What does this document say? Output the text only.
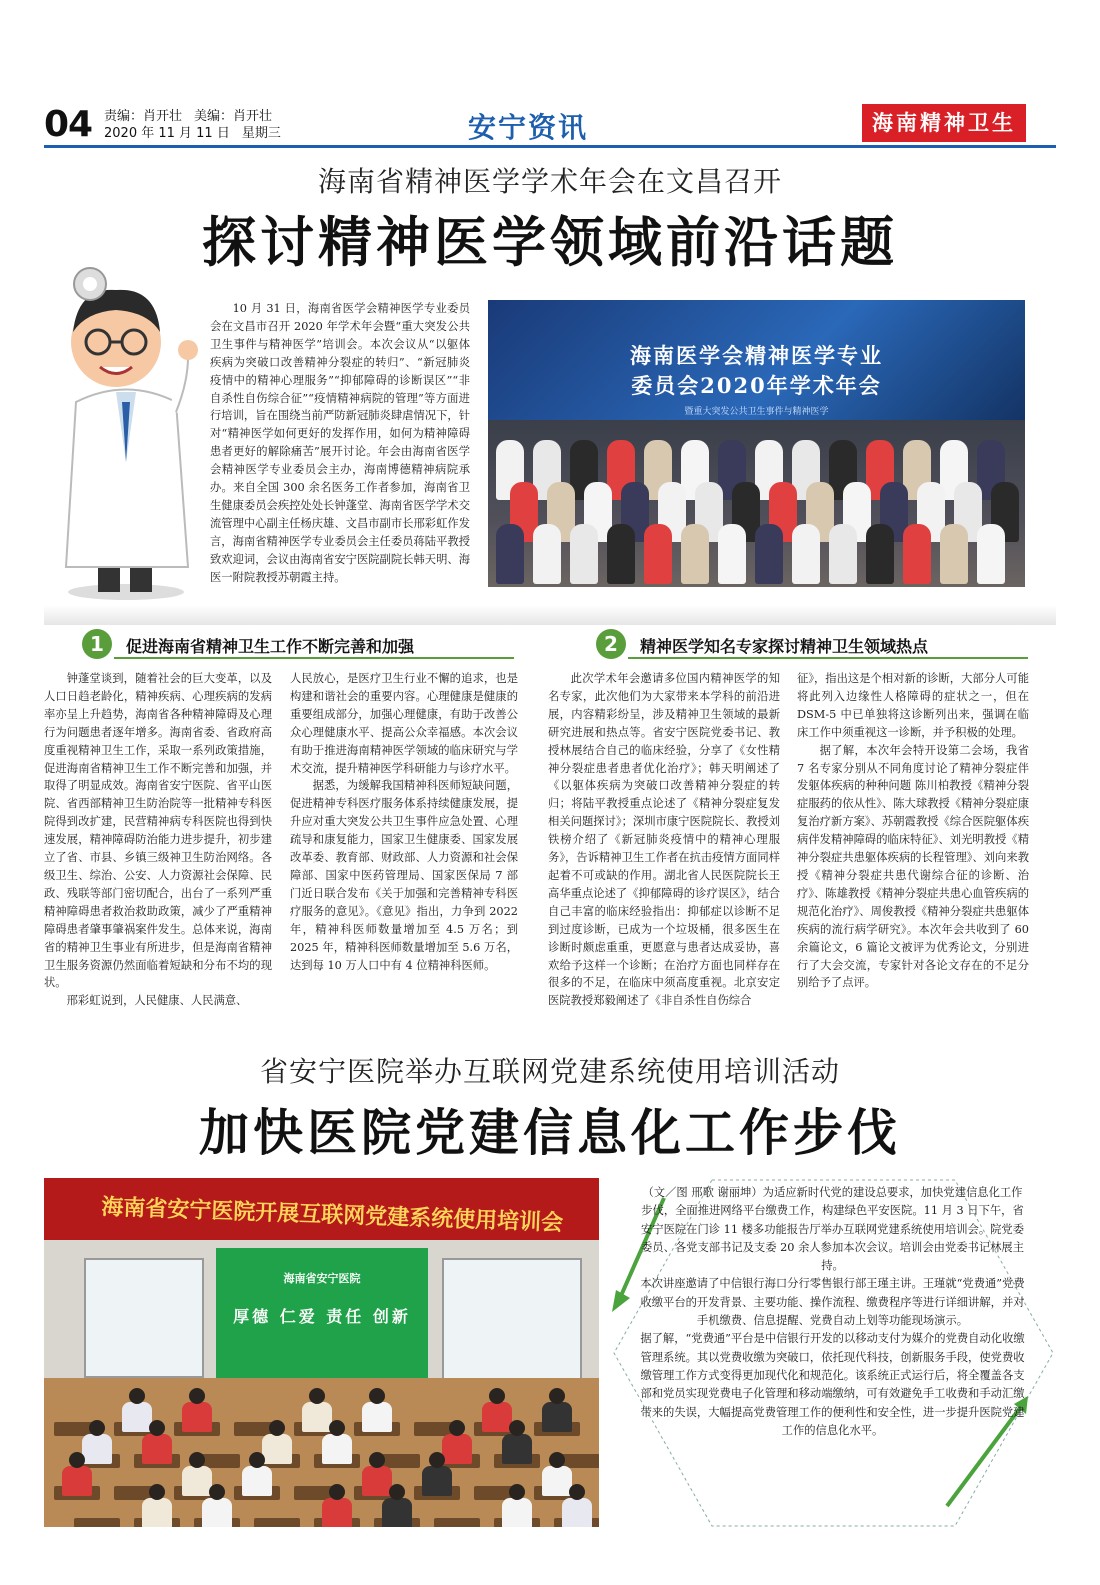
04 责编：肖开壮 美编：肖开壮
2020 年 11 月 11 日 星期三	安宁资讯	海南精神卫生
海南省精神医学学术年会在文昌召开
探讨精神医学领域前沿话题

10 月 31 日，海南省医学会精神医学专业委员会在文昌市召开 2020 年学术年会暨“重大突发公共卫生事件与精神医学”培训会。本次会议从“以躯体疾病为突破口改善精神分裂症的转归”、“新冠肺炎疫情中的精神心理服务”“抑郁障碍的诊断误区”“非自杀性自伤综合征”“疫情精神病院的管理”等方面进行培训，旨在围绕当前严防新冠肺炎肆虐情况下，针对“精神医学如何更好的发挥作用，如何为精神障碍患者更好的解除痛苦”展开讨论。年会由海南省医学会精神医学专业委员会主办，海南博德精神病院承办。来自全国 300 余名医务工作者参加，海南省卫生健康委员会疾控处处长钟蓬堂、海南省医学学术交流管理中心副主任杨庆雄、文昌市副市长邢彩虹作发言，海南省精神医学专业委员会主任委员蒋陆平教授致欢迎词，会议由海南省安宁医院副院长韩天明、海医一附院教授苏朝霞主持。

海南医学会精神医学专业
委员会2020年学术年会
暨重大突发公共卫生事件与精神医学
1	促进海南省精神卫生工作不断完善和加强	2	精神医学知名专家探讨精神卫生领域热点

钟蓬堂谈到，随着社会的巨大变革，以及人口日趋老龄化，精神疾病、心理疾病的发病率亦呈上升趋势，海南省各种精神障碍及心理行为问题患者逐年增多。海南省委、省政府高度重视精神卫生工作，采取一系列政策措施，促进海南省精神卫生工作不断完善和加强，并取得了明显成效。海南省安宁医院、省平山医院、省西部精神卫生防治院等一批精神专科医院得到改扩建，民营精神病专科医院也得到快速发展，精神障碍防治能力进步提升，初步建立了省、市县、乡镇三级神卫生防治网络。各级卫生、综治、公安、人力资源社会保障、民政、残联等部门密切配合，出台了一系列严重精神障碍患者救治救助政策，减少了严重精神障碍患者肇事肇祸案件发生。总体来说，海南省的精神卫生事业有所进步，但是海南省精神卫生服务资源仍然面临着短缺和分布不均的现状。

邢彩虹说到，人民健康、人民满意、

人民放心，是医疗卫生行业不懈的追求，也是构建和谐社会的重要内容。心理健康是健康的重要组成部分，加强心理健康，有助于改善公众心理健康水平、提高公众幸福感。本次会议有助于推进海南精神医学领域的临床研究与学术交流，提升精神医学科研能力与诊疗水平。

据悉，为缓解我国精神科医师短缺问题，促进精神专科医疗服务体系持续健康发展，提升应对重大突发公共卫生事件应急处置、心理疏导和康复能力，国家卫生健康委、国家发展改革委、教育部、财政部、人力资源和社会保障部、国家中医药管理局、国家医保局 7 部门近日联合发布《关于加强和完善精神专科医疗服务的意见》。《意见》指出，力争到 2022 年，精神科医师数量增加至 4.5 万名；到 2025 年，精神科医师数量增加至 5.6 万名，达到每 10 万人口中有 4 位精神科医师。

此次学术年会邀请多位国内精神医学的知名专家，此次他们为大家带来本学科的前沿进展，内容精彩纷呈，涉及精神卫生领域的最新研究进展和热点等。省安宁医院党委书记、教授林展结合自己的临床经验，分享了《女性精神分裂症患者患者优化治疗》；韩天明阐述了《以躯体疾病为突破口改善精神分裂症的转归；将陆平教授重点论述了《精神分裂症复发相关问题探讨》；深圳市康宁医院院长、教授刘铁榜介绍了《新冠肺炎疫情中的精神心理服务》，告诉精神卫生工作者在抗击疫情方面同样起着不可或缺的作用。湖北省人民医院院长王高华重点论述了《抑郁障碍的诊疗误区》，结合自己丰富的临床经验指出：抑郁症以诊断不足到过度诊断，已成为一个垃圾桶，很多医生在诊断时颇虑重重，更愿意与患者达成妥协，喜欢给予这样一个诊断；在治疗方面也同样存在很多的不足，在临床中须高度重视。北京安定医院教授郑毅阐述了《非自杀性自伤综合

征》，指出这是个相对新的诊断，大部分人可能将此列入边缘性人格障碍的症状之一，但在 DSM-5 中已单独将这诊断列出来，强调在临床工作中须重视这一诊断，并予积极的处理。

据了解，本次年会特开设第二会场，我省 7 名专家分别从不同角度讨论了精神分裂症伴发躯体疾病的种种问题 陈川柏教授《精神分裂症服药的依从性》、陈大球教授《精神分裂症康复治疗新方案》、苏朝霞教授《综合医院躯体疾病伴发精神障碍的临床特征》、刘光明教授《精神分裂症共患躯体疾病的长程管理》、刘向来教授《精神分裂症共患代谢综合征的诊断、治疗》、陈雄教授《精神分裂症共患心血管疾病的规范化治疗》、周俊教授《精神分裂症共患躯体疾病的流行病学研究》。本次年会共收到了 60 余篇论文，6 篇论文被评为优秀论文，分别进行了大会交流，专家针对各论文存在的不足分别给予了点评。

省安宁医院举办互联网党建系统使用培训活动
加快医院党建信息化工作步伐
海南省安宁医院开展互联网党建系统使用培训会
海南省安宁医院
厚德 仁爱 责任 创新

（文／图 邢歌 谢丽坤）为适应新时代党的建设总要求，加快党建信息化工作步伐，全面推进网络平台缴费工作，构建绿色平安医院。11 月 3 日下午，省安宁医院在门诊 11 楼多功能报告厅举办互联网党建系统使用培训会。院党委委员、各党支部书记及支委 20 余人参加本次会议。培训会由党委书记林展主持。

本次讲座邀请了中信银行海口分行零售银行部王瑾主讲。王瑾就“党费通”党费收缴平台的开发背景、主要功能、操作流程、缴费程序等进行详细讲解，并对手机缴费、信息提醒、党费自动上划等功能现场演示。

据了解，“党费通”平台是中信银行开发的以移动支付为媒介的党费自动化收缴管理系统。其以党费收缴为突破口，依托现代科技，创新服务手段，使党费收缴管理工作方式变得更加现代化和规范化。该系统正式运行后，将全覆盖各支部和党员实现党费电子化管理和移动端缴纳，可有效避免手工收费和手动汇缴带来的失误，大幅提高党费管理工作的便利性和安全性，进一步提升医院党建工作的信息化水平。
